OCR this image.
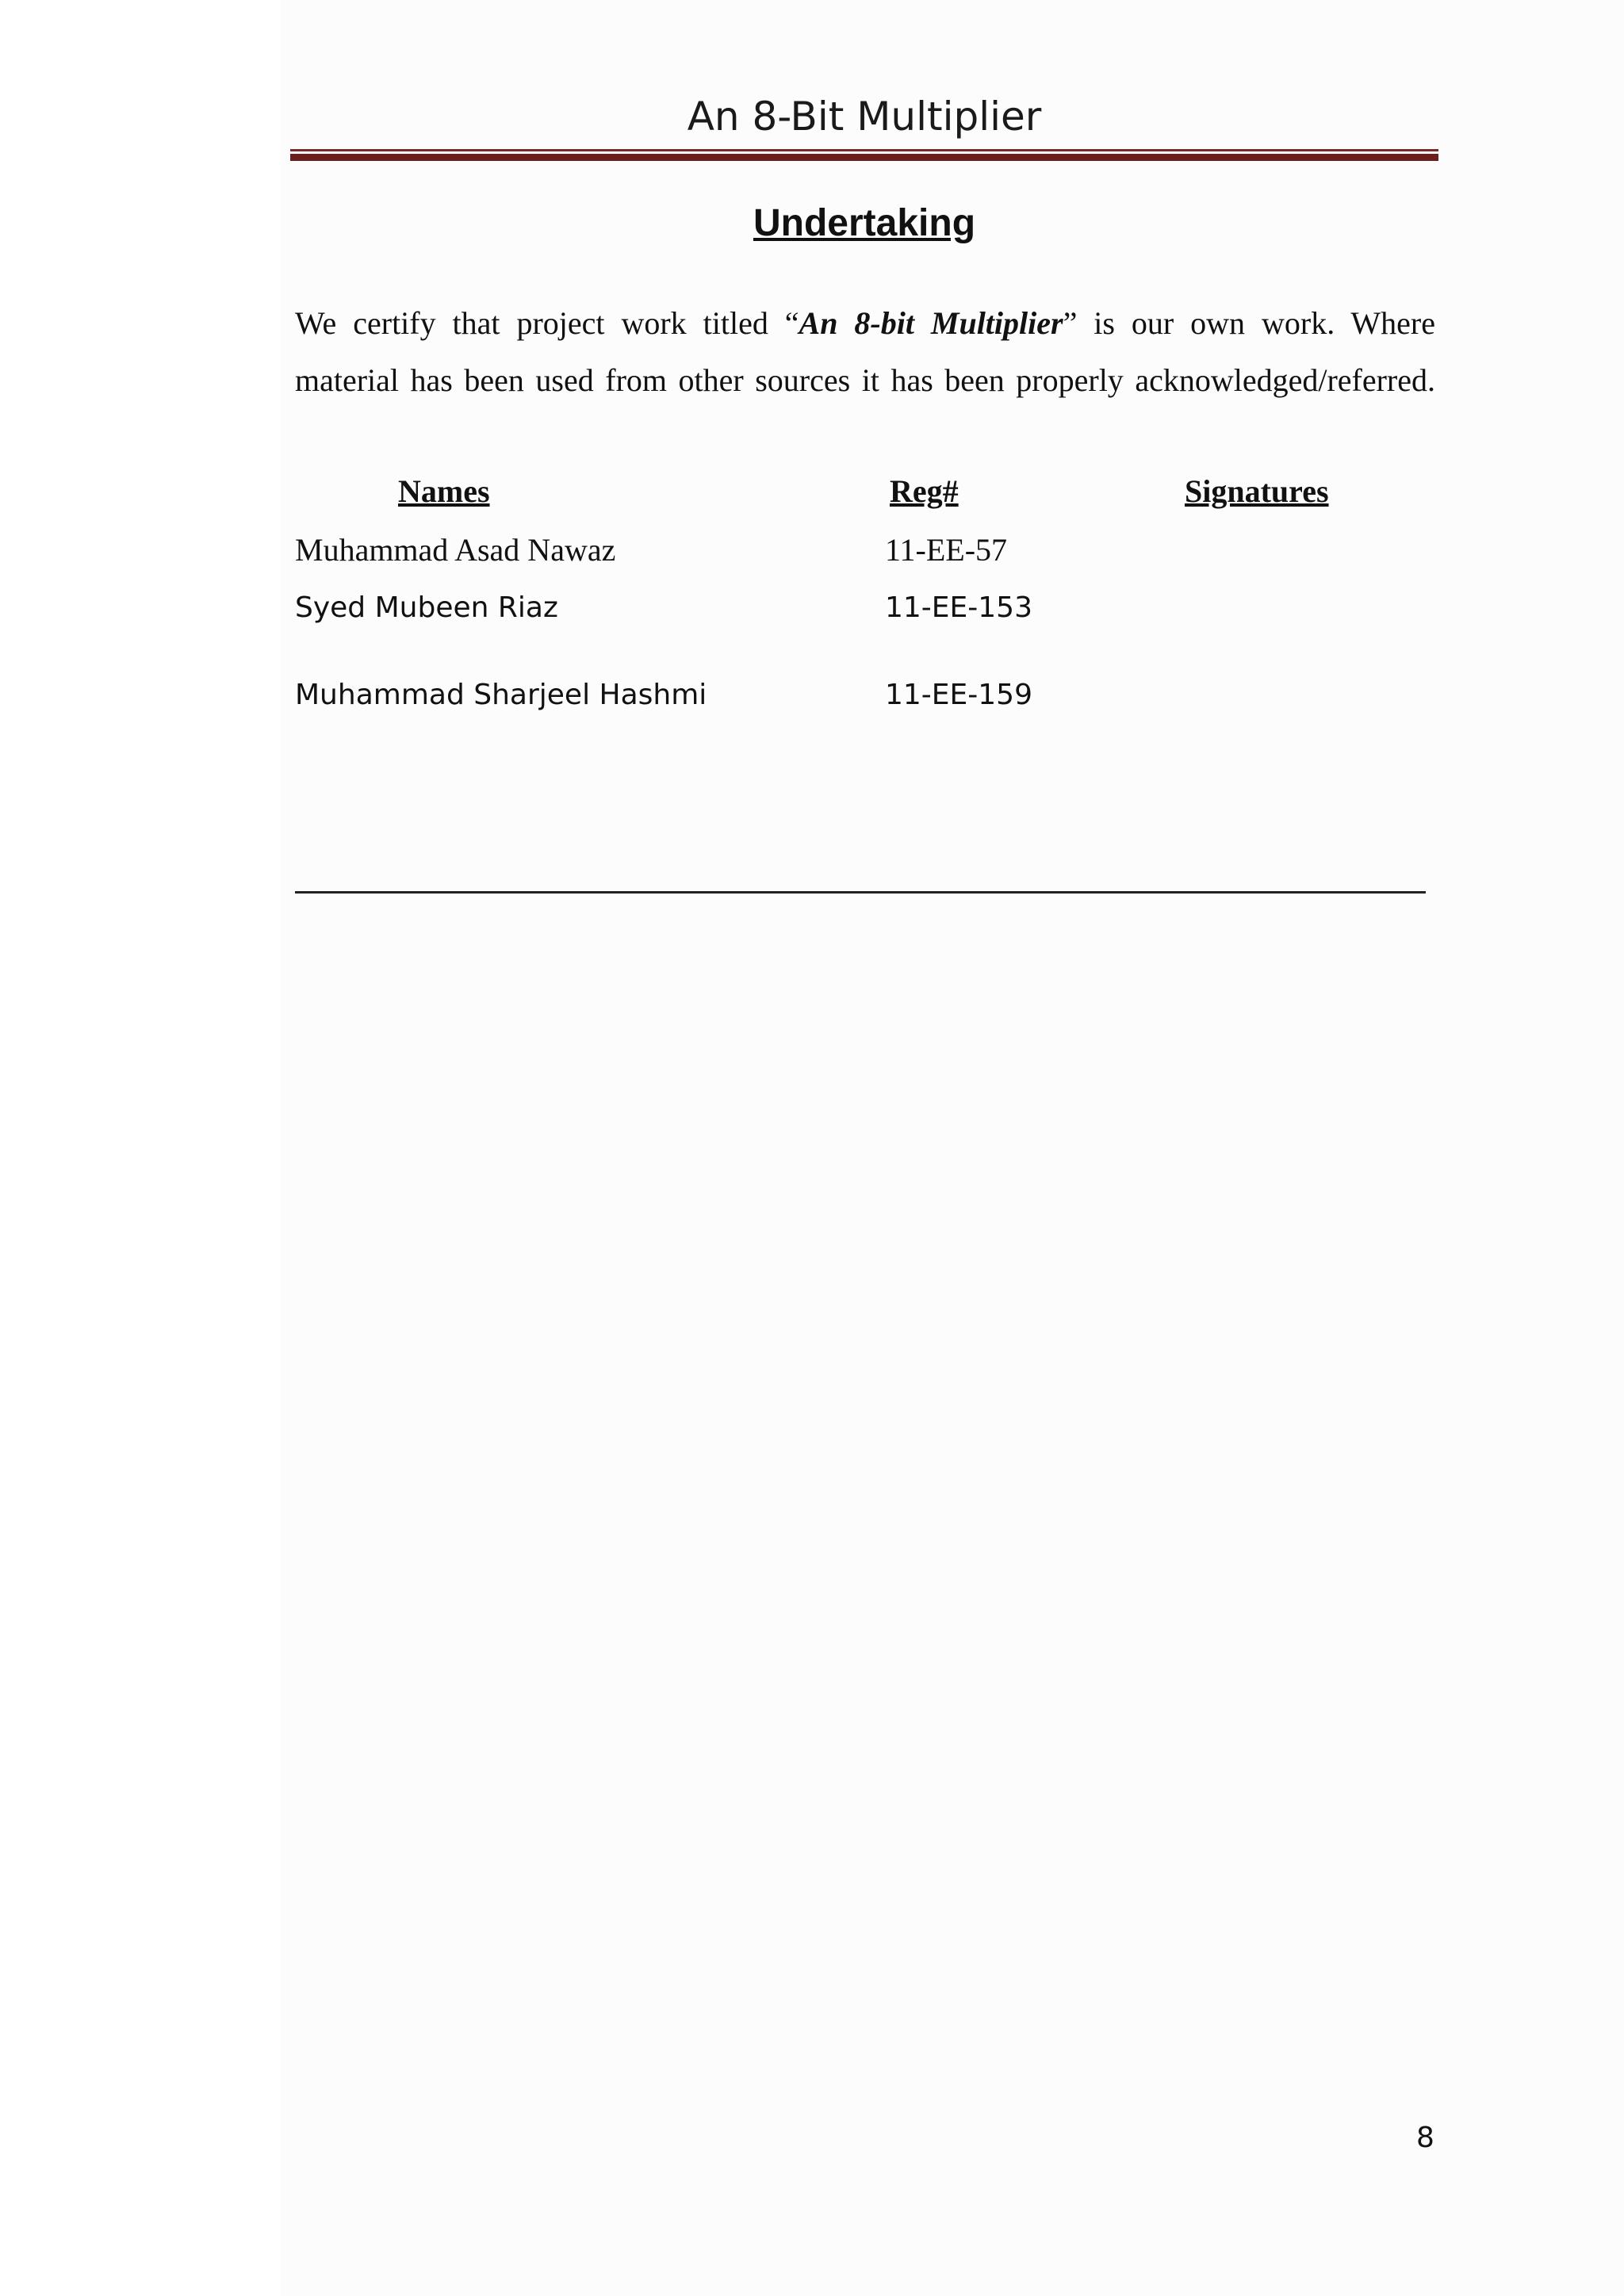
An 8-Bit Multiplier
Undertaking
We certify that project work titled “An 8-bit Multiplier” is our own work. Where
material has been used from other sources it has been properly acknowledged/referred.
Names	Reg#	Signatures
Muhammad Asad Nawaz	11-EE-57
Syed Mubeen Riaz	11-EE-153
Muhammad Sharjeel Hashmi	11-EE-159
8
